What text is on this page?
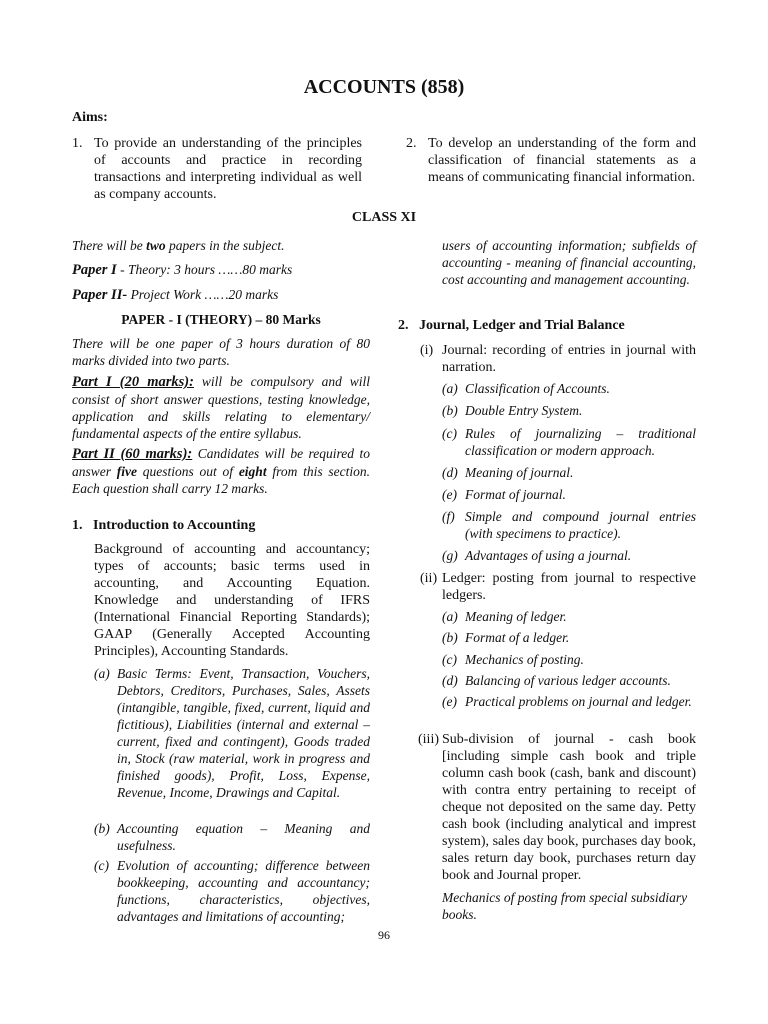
ACCOUNTS (858)
Aims:
1. To provide an understanding of the principles of accounts and practice in recording transactions and interpreting individual as well as company accounts.
2. To develop an understanding of the form and classification of financial statements as a means of communicating financial information.
CLASS XI
There will be two papers in the subject.
Paper I - Theory: 3 hours ……80 marks
Paper II- Project Work ……20 marks
PAPER - I (THEORY) – 80 Marks
There will be one paper of 3 hours duration of 80 marks divided into two parts.
Part I (20 marks): will be compulsory and will consist of short answer questions, testing knowledge, application and skills relating to elementary/ fundamental aspects of the entire syllabus.
Part II (60 marks): Candidates will be required to answer five questions out of eight from this section. Each question shall carry 12 marks.
1. Introduction to Accounting
Background of accounting and accountancy; types of accounts; basic terms used in accounting, and Accounting Equation. Knowledge and understanding of IFRS (International Financial Reporting Standards); GAAP (Generally Accepted Accounting Principles), Accounting Standards.
(a) Basic Terms: Event, Transaction, Vouchers, Debtors, Creditors, Purchases, Sales, Assets (intangible, tangible, fixed, current, liquid and fictitious), Liabilities (internal and external – current, fixed and contingent), Goods traded in, Stock (raw material, work in progress and finished goods), Profit, Loss, Expense, Revenue, Income, Drawings and Capital.
(b) Accounting equation – Meaning and usefulness.
(c) Evolution of accounting; difference between bookkeeping, accounting and accountancy; functions, characteristics, objectives, advantages and limitations of accounting;
users of accounting information; subfields of accounting - meaning of financial accounting, cost accounting and management accounting.
2. Journal, Ledger and Trial Balance
(i) Journal: recording of entries in journal with narration.
(a) Classification of Accounts.
(b) Double Entry System.
(c) Rules of journalizing – traditional classification or modern approach.
(d) Meaning of journal.
(e) Format of journal.
(f) Simple and compound journal entries (with specimens to practice).
(g) Advantages of using a journal.
(ii) Ledger: posting from journal to respective ledgers.
(a) Meaning of ledger.
(b) Format of a ledger.
(c) Mechanics of posting.
(d) Balancing of various ledger accounts.
(e) Practical problems on journal and ledger.
(iii) Sub-division of journal - cash book [including simple cash book and triple column cash book (cash, bank and discount) with contra entry pertaining to receipt of cheque not deposited on the same day. Petty cash book (including analytical and imprest system), sales day book, purchases day book, sales return day book, purchases return day book and Journal proper.
Mechanics of posting from special subsidiary books.
96
